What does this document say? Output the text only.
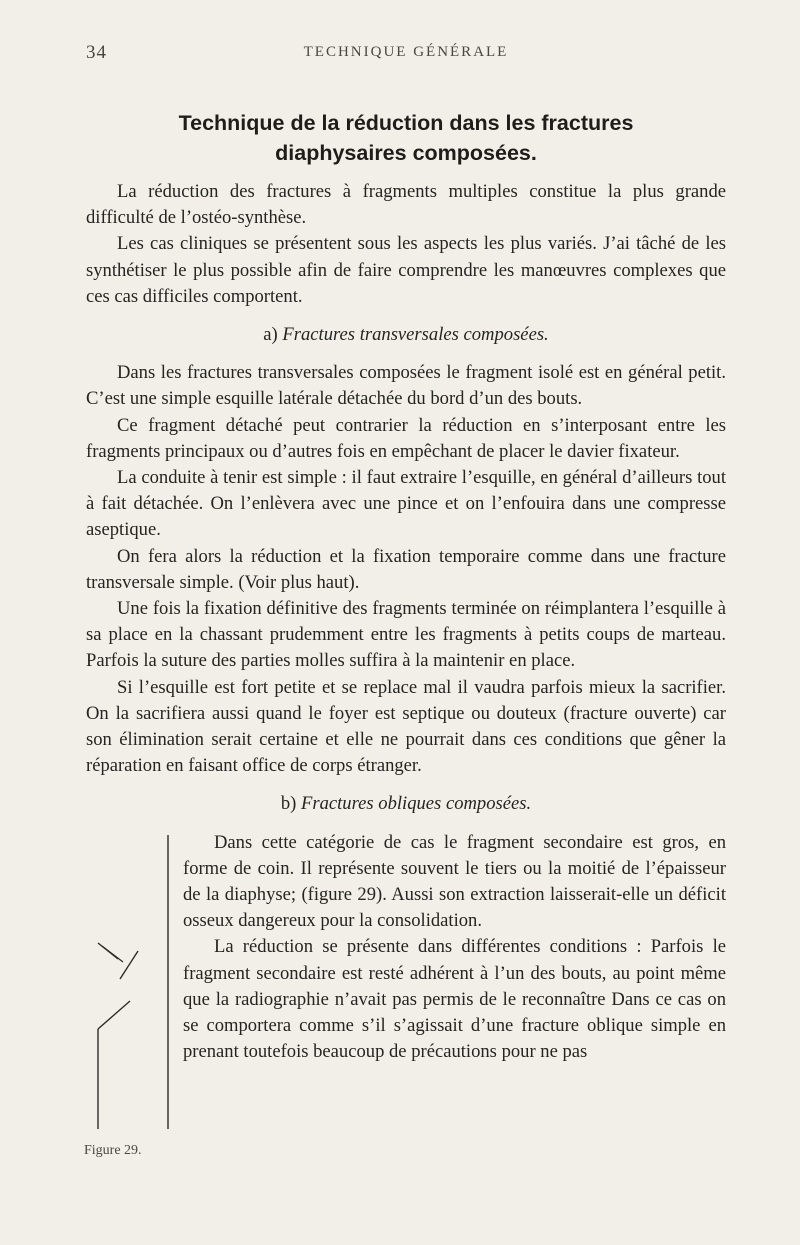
34	TECHNIQUE GÉNÉRALE
Technique de la réduction dans les fractures
diaphysaires composées.

La réduction des fractures à fragments multiples constitue la plus grande difficulté de l’ostéo-synthèse.

Les cas cliniques se présentent sous les aspects les plus variés. J’ai tâché de les synthétiser le plus possible afin de faire comprendre les manœuvres complexes que ces cas difficiles comportent.

a) Fractures transversales composées.

Dans les fractures transversales composées le fragment isolé est en général petit. C’est une simple esquille latérale détachée du bord d’un des bouts.

Ce fragment détaché peut contrarier la réduction en s’interposant entre les fragments principaux ou d’autres fois en empêchant de placer le davier fixateur.

La conduite à tenir est simple : il faut extraire l’esquille, en général d’ailleurs tout à fait détachée. On l’enlèvera avec une pince et on l’enfouira dans une compresse aseptique.

On fera alors la réduction et la fixation temporaire comme dans une fracture transversale simple. (Voir plus haut).

Une fois la fixation définitive des fragments terminée on réimplantera l’esquille à sa place en la chassant prudemment entre les fragments à petits coups de marteau. Parfois la suture des parties molles suffira à la maintenir en place.

Si l’esquille est fort petite et se replace mal il vaudra parfois mieux la sacrifier. On la sacrifiera aussi quand le foyer est septique ou douteux (fracture ouverte) car son élimination serait certaine et elle ne pourrait dans ces conditions que gêner la réparation en faisant office de corps étranger.

b) Fractures obliques composées.

Figure 29.

Dans cette catégorie de cas le fragment secondaire est gros, en forme de coin. Il représente souvent le tiers ou la moitié de l’épaisseur de la diaphyse; (figure 29). Aussi son extraction laisserait-elle un déficit osseux dangereux pour la consolidation.

La réduction se présente dans différentes conditions : Parfois le fragment secondaire est resté adhérent à l’un des bouts, au point même que la radiographie n’avait pas permis de le reconnaître Dans ce cas on se comportera comme s’il s’agissait d’une fracture oblique simple en prenant toutefois beaucoup de précautions pour ne pas
